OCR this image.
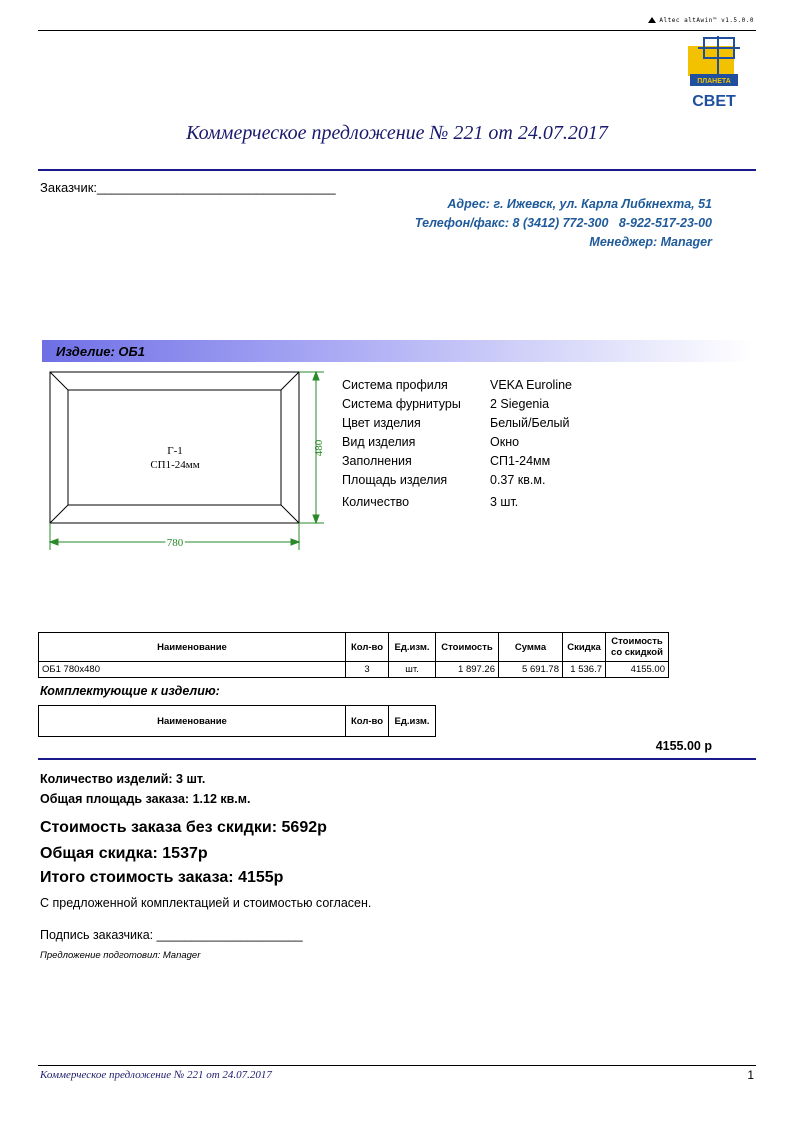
Altec altAwin™ v1.5.0.0
ПЛАНЕТА
СВЕТ
Коммерческое предложение № 221 от 24.07.2017
Заказчик:_________________________________
Адрес: г. Ижевск, ул. Карла Либкнехта, 51
Телефон/факс: 8 (3412) 772-300   8-922-517-23-00
Менеджер: Manager
Изделие: ОБ1
Г-1
СП1-24мм
480
780
Система профиля	VEKA Euroline
Система фурнитуры 2 Siegenia
Цвет изделия	Белый/Белый
Вид изделия	Окно
Заполнения	СП1-24мм
Площадь изделия	0.37 кв.м.
Количество	3 шт.
Наименование	Кол-во	Ед.изм.	Стоимость	Сумма	Скидка	Стоимость
со скидкой

ОБ1 780х480	3	шт.	1 897.26	5 691.78	1 536.7	4155.00
Комплектующие к изделию:
Наименование	Кол-во	Ед.изм.
4155.00 р
Количество изделий: 3 шт.
Общая площадь заказа: 1.12 кв.м.
Стоимость заказа без скидки: 5692р
Общая скидка: 1537р
Итого стоимость заказа: 4155р
С предложенной комплектацией и стоимостью согласен.
Подпись заказчика: _____________________
Предложение подготовил: Manager
Коммерческое предложение № 221 от 24.07.2017	1
